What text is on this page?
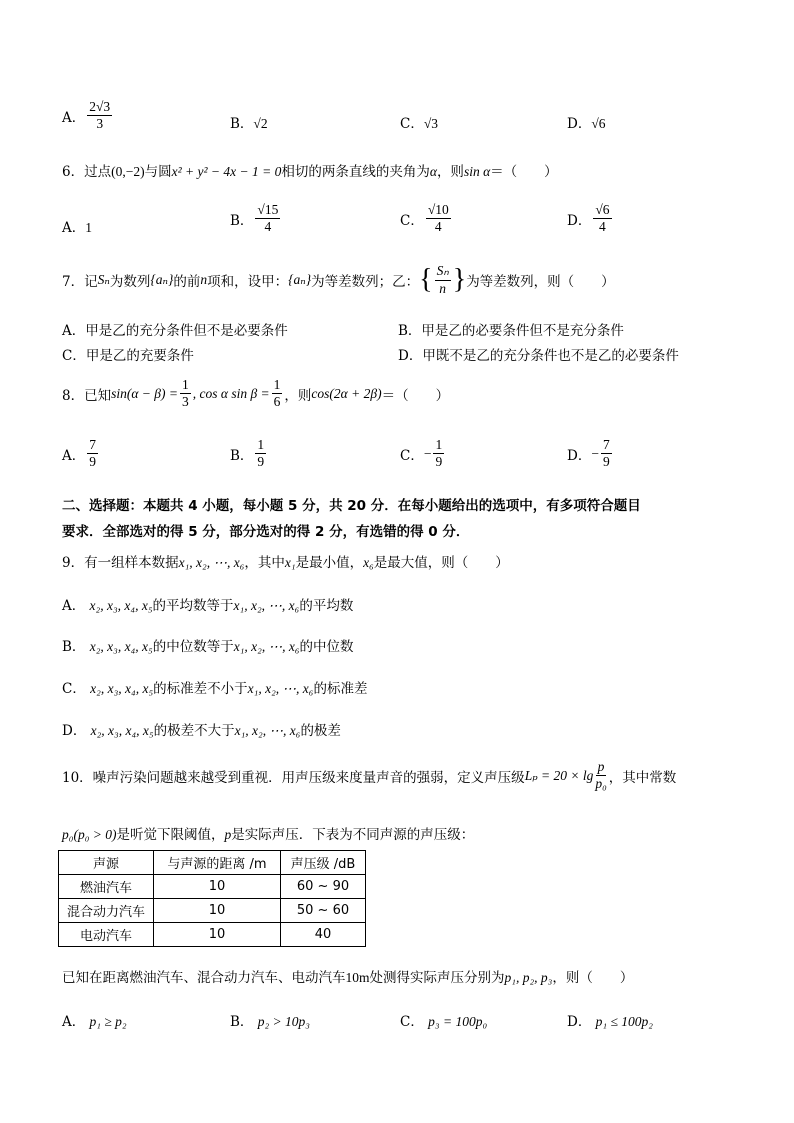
A． $\frac{2√3}{3}$	B．√2	C．√3	D．√6
6．过点(0,−2)与圆x² + y² − 4x − 1 = 0相切的两条直线的夹角为α，则sin α＝（　　）
A．1	B． $\frac{√15}{4}$	C． $\frac{√10}{4}$	D． $\frac{√6}{4}$
7．记 Sₙ 为数列 {aₙ} 的前 n 项和，设甲： {aₙ} 为等差数列；乙： { $\frac{\text{Sₙ}}{n}$ } 为等差数列，则（　　）
A．甲是乙的充分条件但不是必要条件	B．甲是乙的必要条件但不是充分条件
C．甲是乙的充要条件	D．甲既不是乙的充分条件也不是乙的必要条件
8．已知 $\sin(\alpha - \beta) = \frac{1}{3}$ , cos α $\sin \beta = \frac{1}{6}$ ，则 cos(2α + 2β) ＝（　　）
A． $\frac{7}{9}$	B． $\frac{1}{9}$	C． − $\frac{1}{9}$	D． − $\frac{7}{9}$
二、选择题：本题共 4 小题，每小题 5 分，共 20 分．在每小题给出的选项中，有多项符合题目
要求．全部选对的得 5 分，部分选对的得 2 分，有选错的得 0 分．
9．有一组样本数据x₁, x₂, ⋯, x₆，其中x₁是最小值，x₆是最大值，则（　　）
A． x₂, x₃, x₄, x₅的平均数等于x₁, x₂, ⋯, x₆的平均数
B． x₂, x₃, x₄, x₅的中位数等于x₁, x₂, ⋯, x₆的中位数
C． x₂, x₃, x₄, x₅的标准差不小于x₁, x₂, ⋯, x₆的标准差
D． x₂, x₃, x₄, x₅的极差不大于x₁, x₂, ⋯, x₆的极差
10．噪声污染问题越来越受到重视．用声压级来度量声音的强弱，定义声压级 $L_p = 20 \times \lg \frac{p}{\text{p₀}}$ ，其中常数
p₀(p₀ > 0)是听觉下限阈值，p是实际声压．下表为不同声源的声压级：
声源	与声源的距离 /m	声压级 /dB
燃油汽车	10	60 ~ 90
混合动力汽车	10	50 ~ 60
电动汽车	10	40
已知在距离燃油汽车、混合动力汽车、电动汽车10m处测得实际声压分别为p₁, p₂, p₃，则（　　）
A． p₁ ≥ p₂	B． p₂ > 10p₃	C． p₃ = 100p₀	D． p₁ ≤ 100p₂
